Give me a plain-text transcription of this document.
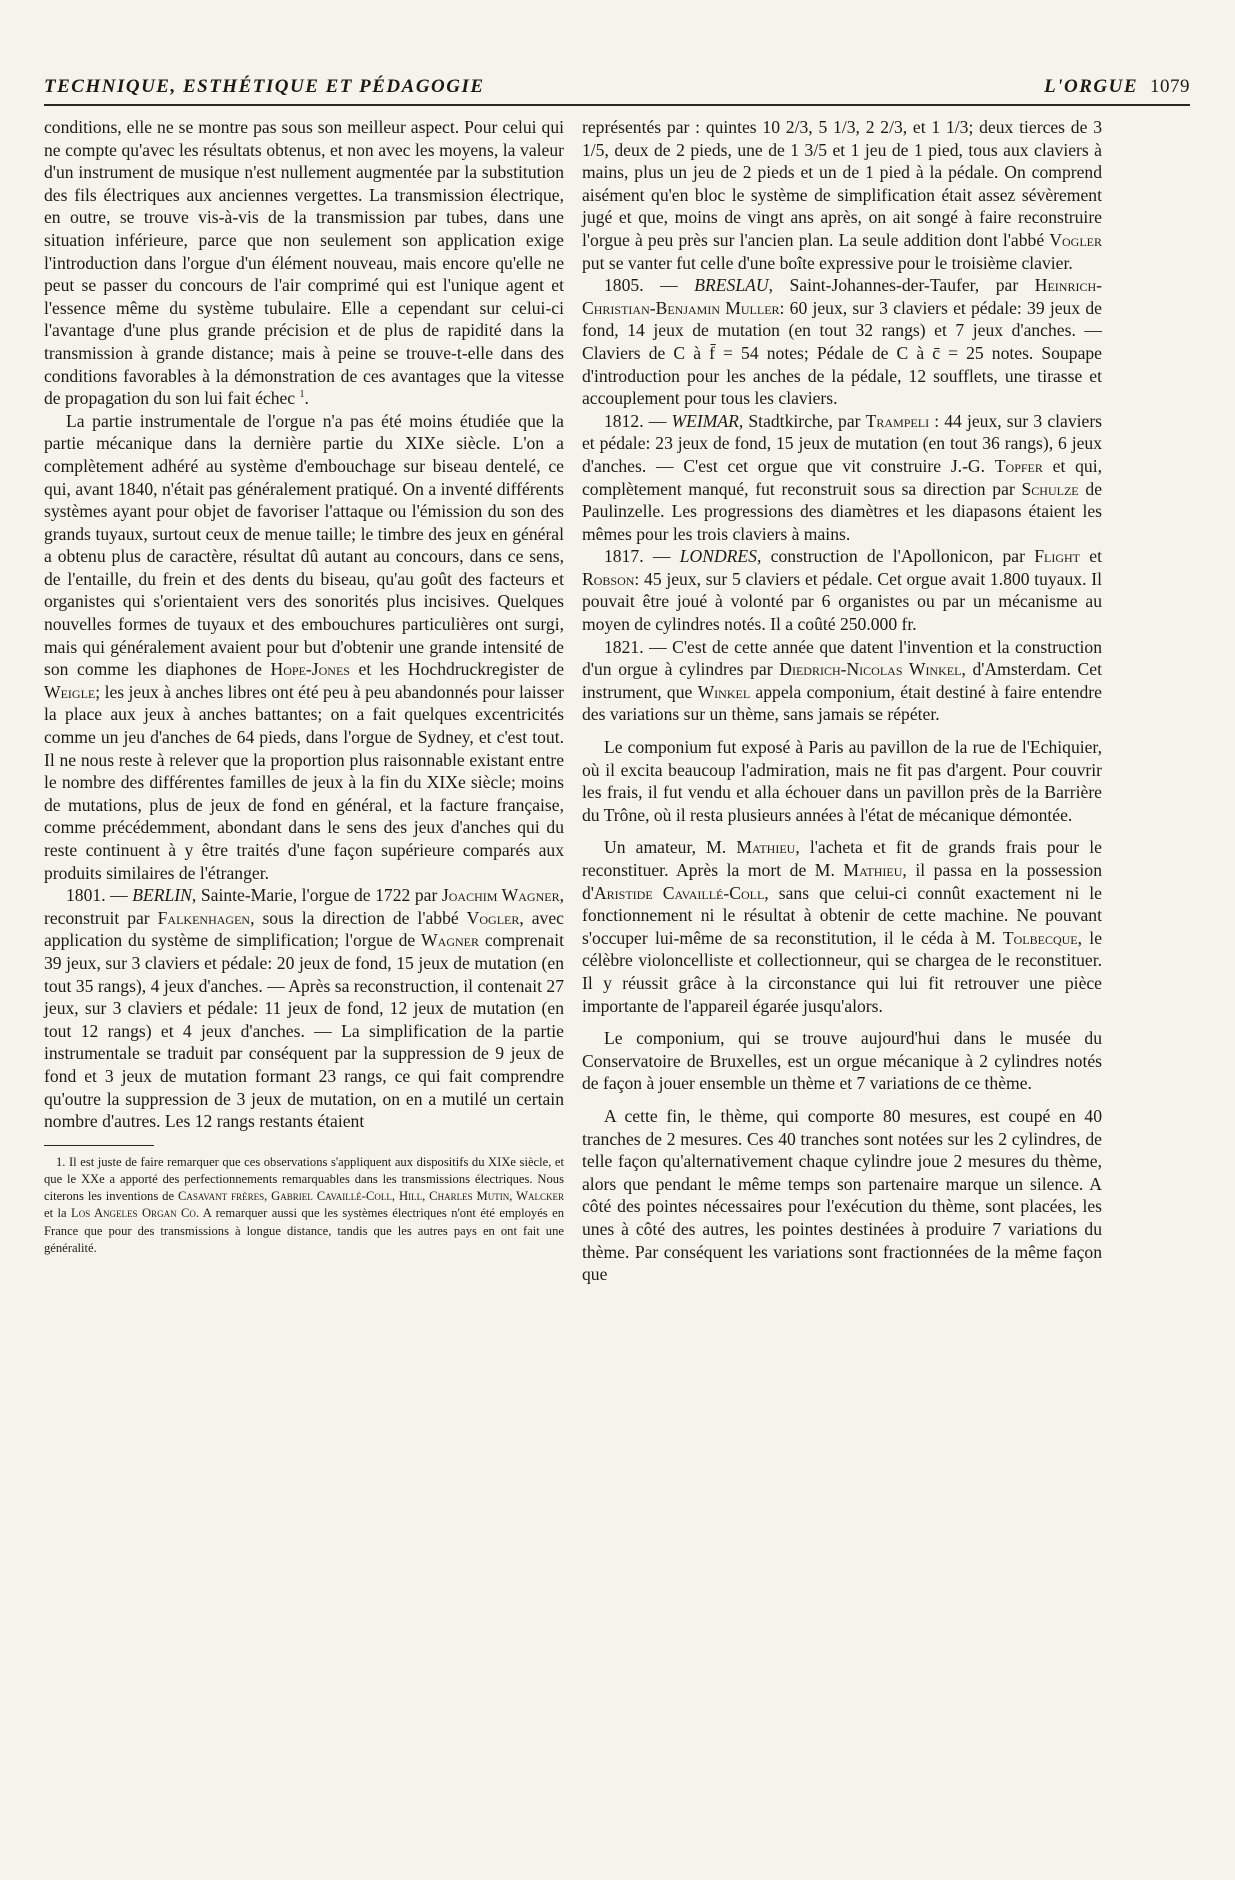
TECHNIQUE, ESTHÉTIQUE ET PÉDAGOGIE	L'ORGUE 1079

conditions, elle ne se montre pas sous son meilleur aspect. Pour celui qui ne compte qu'avec les résultats obtenus, et non avec les moyens, la valeur d'un instrument de musique n'est nullement augmentée par la substitution des fils électriques aux anciennes vergettes. La transmission électrique, en outre, se trouve vis-à-vis de la transmission par tubes, dans une situation inférieure, parce que non seulement son application exige l'introduction dans l'orgue d'un élément nouveau, mais encore qu'elle ne peut se passer du concours de l'air comprimé qui est l'unique agent et l'essence même du système tubulaire. Elle a cependant sur celui-ci l'avantage d'une plus grande précision et de plus de rapidité dans la transmission à grande distance; mais à peine se trouve-t-elle dans des conditions favorables à la démonstration de ces avantages que la vitesse de propagation du son lui fait échec $^1$.

La partie instrumentale de l'orgue n'a pas été moins étudiée que la partie mécanique dans la dernière partie du XIXe siècle. L'on a complètement adhéré au système d'embouchage sur biseau dentelé, ce qui, avant 1840, n'était pas généralement pratiqué. On a inventé différents systèmes ayant pour objet de favoriser l'attaque ou l'émission du son des grands tuyaux, surtout ceux de menue taille; le timbre des jeux en général a obtenu plus de caractère, résultat dû autant au concours, dans ce sens, de l'entaille, du frein et des dents du biseau, qu'au goût des facteurs et organistes qui s'orientaient vers des sonorités plus incisives. Quelques nouvelles formes de tuyaux et des embouchures particulières ont surgi, mais qui généralement avaient pour but d'obtenir une grande intensité de son comme les diaphones de Hope-Jones et les Hochdruckregister de Weigle; les jeux à anches libres ont été peu à peu abandonnés pour laisser la place aux jeux à anches battantes; on a fait quelques excentricités comme un jeu d'anches de 64 pieds, dans l'orgue de Sydney, et c'est tout. Il ne nous reste à relever que la proportion plus raisonnable existant entre le nombre des différentes familles de jeux à la fin du XIXe siècle; moins de mutations, plus de jeux de fond en général, et la facture française, comme précédemment, abondant dans le sens des jeux d'anches qui du reste continuent à y être traités d'une façon supérieure comparés aux produits similaires de l'étranger.

1801. — BERLIN, Sainte-Marie, l'orgue de 1722 par Joachim Wagner, reconstruit par Falkenhagen, sous la direction de l'abbé Vogler, avec application du système de simplification; l'orgue de Wagner comprenait 39 jeux, sur 3 claviers et pédale: 20 jeux de fond, 15 jeux de mutation (en tout 35 rangs), 4 jeux d'anches. — Après sa reconstruction, il contenait 27 jeux, sur 3 claviers et pédale: 11 jeux de fond, 12 jeux de mutation (en tout 12 rangs) et 4 jeux d'anches. — La simplification de la partie instrumentale se traduit par conséquent par la suppression de 9 jeux de fond et 3 jeux de mutation formant 23 rangs, ce qui fait comprendre qu'outre la suppression de 3 jeux de mutation, on en a mutilé un certain nombre d'autres. Les 12 rangs restants étaient

1. Il est juste de faire remarquer que ces observations s'appliquent aux dispositifs du XIXe siècle, et que le XXe a apporté des perfectionnements remarquables dans les transmissions électriques. Nous citerons les inventions de Casavant frères, Gabriel Cavaillé-Coll, Hill, Charles Mutin, Walcker et la Los Angeles Organ Co. A remarquer aussi que les systèmes électriques n'ont été employés en France que pour des transmissions à longue distance, tandis que les autres pays en ont fait une généralité.

représentés par : quintes 10 2/3, 5 1/3, 2 2/3, et 1 1/3; deux tierces de 3 1/5, deux de 2 pieds, une de 1 3/5 et 1 jeu de 1 pied, tous aux claviers à mains, plus un jeu de 2 pieds et un de 1 pied à la pédale. On comprend aisément qu'en bloc le système de simplification était assez sévèrement jugé et que, moins de vingt ans après, on ait songé à faire reconstruire l'orgue à peu près sur l'ancien plan. La seule addition dont l'abbé Vogler put se vanter fut celle d'une boîte expressive pour le troisième clavier.

1805. — BRESLAU, Saint-Johannes-der-Taufer, par Heinrich-Christian-Benjamin Muller: 60 jeux, sur 3 claviers et pédale: 39 jeux de fond, 14 jeux de mutation (en tout 32 rangs) et 7 jeux d'anches. — Claviers de C à f̄ = 54 notes; Pédale de C à c̄ = 25 notes. Soupape d'introduction pour les anches de la pédale, 12 soufflets, une tirasse et accouplement pour tous les claviers.

1812. — WEIMAR, Stadtkirche, par Trampeli : 44 jeux, sur 3 claviers et pédale: 23 jeux de fond, 15 jeux de mutation (en tout 36 rangs), 6 jeux d'anches. — C'est cet orgue que vit construire J.-G. Topfer et qui, complètement manqué, fut reconstruit sous sa direction par Schulze de Paulinzelle. Les progressions des diamètres et les diapasons étaient les mêmes pour les trois claviers à mains.

1817. — LONDRES, construction de l'Apollonicon, par Flight et Robson: 45 jeux, sur 5 claviers et pédale. Cet orgue avait 1.800 tuyaux. Il pouvait être joué à volonté par 6 organistes ou par un mécanisme au moyen de cylindres notés. Il a coûté 250.000 fr.

1821. — C'est de cette année que datent l'invention et la construction d'un orgue à cylindres par Diedrich-Nicolas Winkel, d'Amsterdam. Cet instrument, que Winkel appela componium, était destiné à faire entendre des variations sur un thème, sans jamais se répéter.

Le componium fut exposé à Paris au pavillon de la rue de l'Echiquier, où il excita beaucoup l'admiration, mais ne fit pas d'argent. Pour couvrir les frais, il fut vendu et alla échouer dans un pavillon près de la Barrière du Trône, où il resta plusieurs années à l'état de mécanique démontée.

Un amateur, M. Mathieu, l'acheta et fit de grands frais pour le reconstituer. Après la mort de M. Mathieu, il passa en la possession d'Aristide Cavaillé-Coll, sans que celui-ci connût exactement ni le fonctionnement ni le résultat à obtenir de cette machine. Ne pouvant s'occuper lui-même de sa reconstitution, il le céda à M. Tolbecque, le célèbre violoncelliste et collectionneur, qui se chargea de le reconstituer. Il y réussit grâce à la circonstance qui lui fit retrouver une pièce importante de l'appareil égarée jusqu'alors.

Le componium, qui se trouve aujourd'hui dans le musée du Conservatoire de Bruxelles, est un orgue mécanique à 2 cylindres notés de façon à jouer ensemble un thème et 7 variations de ce thème.

A cette fin, le thème, qui comporte 80 mesures, est coupé en 40 tranches de 2 mesures. Ces 40 tranches sont notées sur les 2 cylindres, de telle façon qu'alternativement chaque cylindre joue 2 mesures du thème, alors que pendant le même temps son partenaire marque un silence. A côté des pointes nécessaires pour l'exécution du thème, sont placées, les unes à côté des autres, les pointes destinées à produire 7 variations du thème. Par conséquent les variations sont fractionnées de la même façon que
